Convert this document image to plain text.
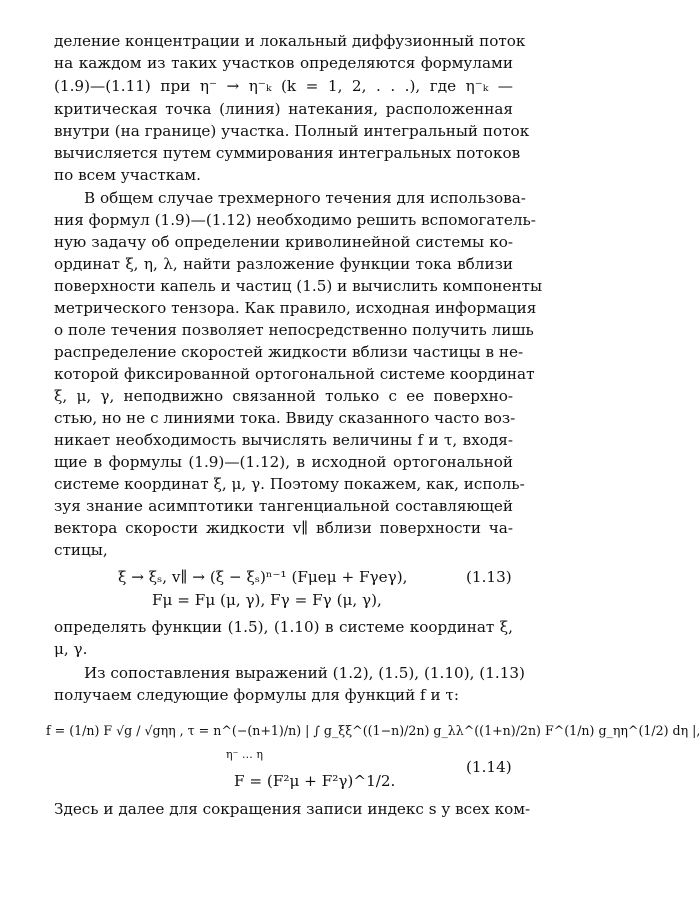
деление концентрации и локальный диффузионный поток
на каждом из таких участков определяются формулами
(1.9)—(1.11) при η⁻ → η⁻ₖ (k = 1, 2, . . .), где η⁻ₖ —
критическая точка (линия) натекания, расположенная
внутри (на границе) участка. Полный интегральный поток
вычисляется путем суммирования интегральных потоков
по всем участкам.
В общем случае трехмерного течения для использова-
ния формул (1.9)—(1.12) необходимо решить вспомогатель-
ную задачу об определении криволинейной системы ко-
ординат ξ, η, λ, найти разложение функции тока вблизи
поверхности капель и частиц (1.5) и вычислить компоненты
метрического тензора. Как правило, исходная информация
о поле течения позволяет непосредственно получить лишь
распределение скоростей жидкости вблизи частицы в не-
которой фиксированной ортогональной системе координат
ξ, μ, γ, неподвижно связанной только с ее поверхно-
стью, но не с линиями тока. Ввиду сказанного часто воз-
никает необходимость вычислять величины f и τ, входя-
щие в формулы (1.9)—(1.12), в исходной ортогональной
системе координат ξ, μ, γ. Поэтому покажем, как, исполь-
зуя знание асимптотики тангенциальной составляющей
вектора скорости жидкости v∥ вблизи поверхности ча-
стицы,
ξ → ξₛ, v∥ → (ξ − ξₛ)ⁿ⁻¹ (Fμeμ + Fγeγ),
Fμ = Fμ (μ, γ), Fγ = Fγ (μ, γ),
(1.13)
определять функции (1.5), (1.10) в системе координат ξ,
μ, γ.
Из сопоставления выражений (1.2), (1.5), (1.10), (1.13)
получаем следующие формулы для функций f и τ:
f = (1/n) F √g / √gηη , τ = n^(−(n+1)/n) | ∫ g_ξξ^((1−n)/2n) g_λλ^((1+n)/2n) F^(1/n) g_ηη^(1/2) dη |,
η⁻ … η
F = (F²μ + F²γ)^1/2.
(1.14)
Здесь и далее для сокращения записи индекс s у всех ком-
